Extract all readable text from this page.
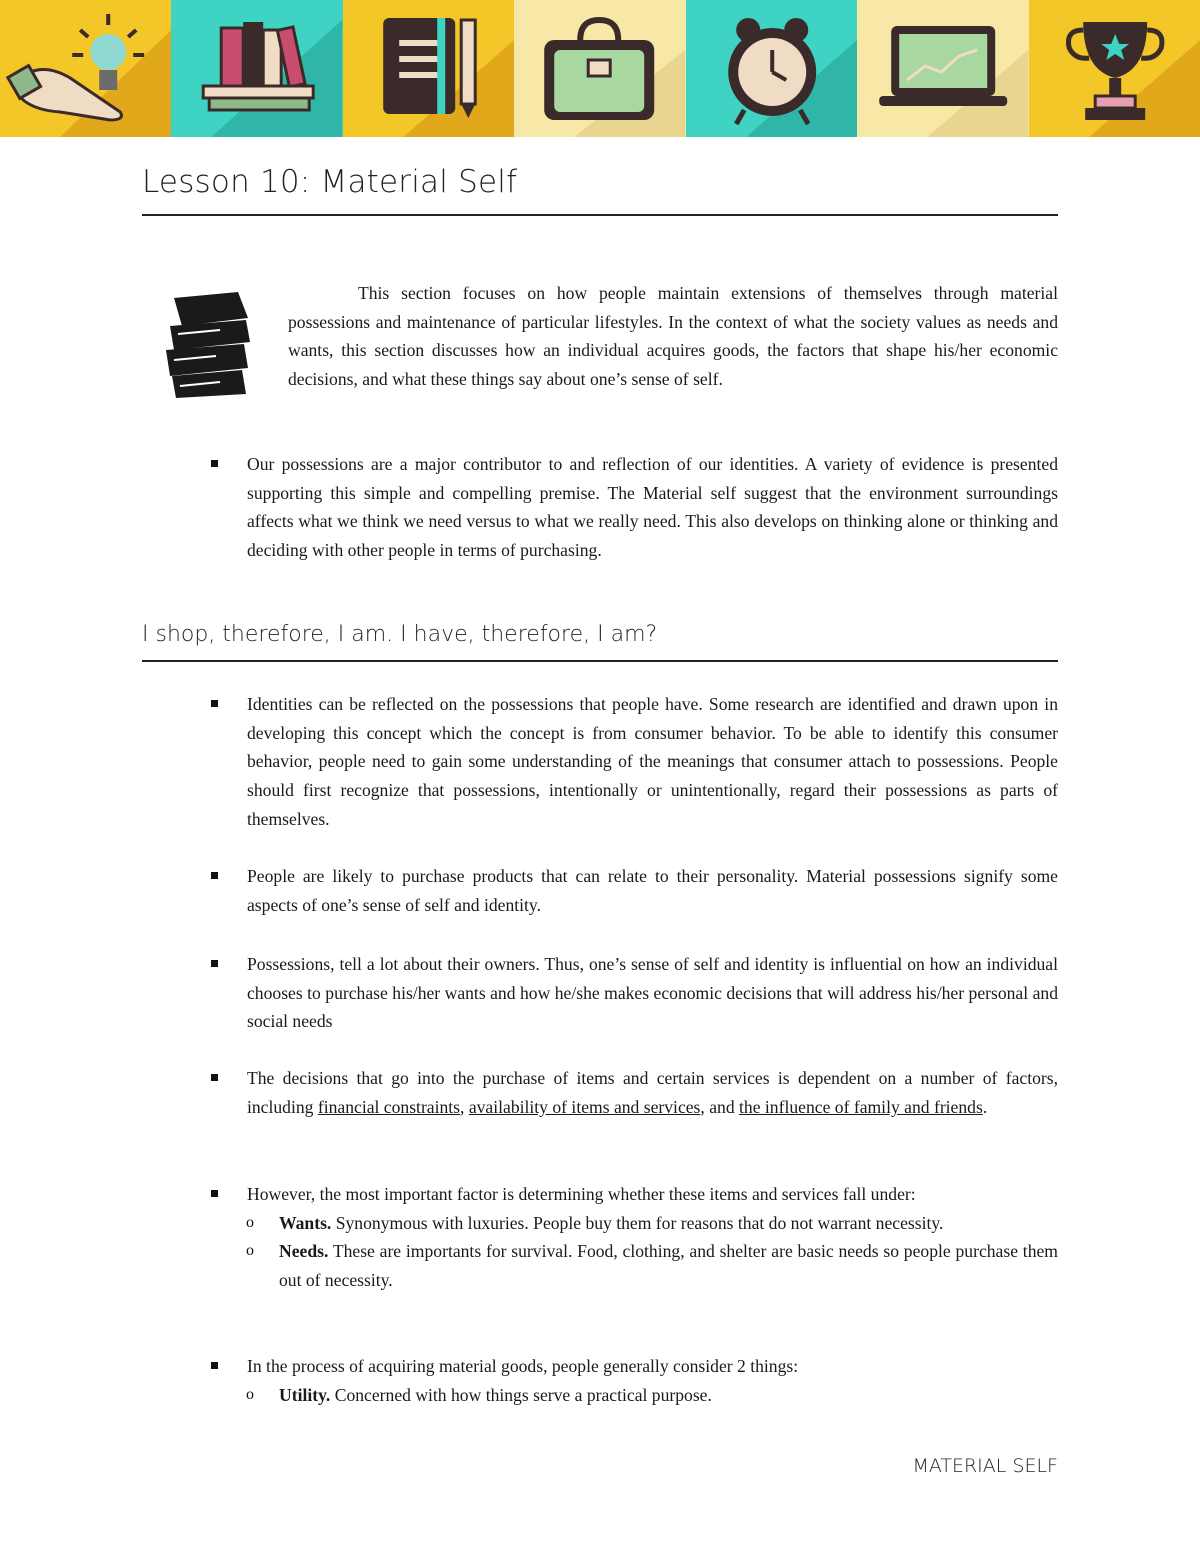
Lesson 10: Material Self

This section focuses on how people maintain extensions of themselves through material possessions and maintenance of particular lifestyles. In the context of what the society values as needs and wants, this section discusses how an individual acquires goods, the factors that shape his/her economic decisions, and what these things say about one’s sense of self.

Our possessions are a major contributor to and reflection of our identities. A variety of evidence is presented supporting this simple and compelling premise. The Material self suggest that the environment surroundings affects what we think we need versus to what we really need. This also develops on thinking alone or thinking and deciding with other people in terms of purchasing.

I shop, therefore, I am. I have, therefore, I am?

Identities can be reflected on the possessions that people have. Some research are identified and drawn upon in developing this concept which the concept is from consumer behavior. To be able to identify this consumer behavior, people need to gain some understanding of the meanings that consumer attach to possessions. People should first recognize that possessions, intentionally or unintentionally, regard their possessions as parts of themselves.

People are likely to purchase products that can relate to their personality. Material possessions signify some aspects of one’s sense of self and identity.

Possessions, tell a lot about their owners. Thus, one’s sense of self and identity is influential on how an individual chooses to purchase his/her wants and how he/she makes economic decisions that will address his/her personal and social needs

The decisions that go into the purchase of items and certain services is dependent on a number of factors, including financial constraints, availability of items and services, and the influence of family and friends.

However, the most important factor is determining whether these items and services fall under:

o Wants. Synonymous with luxuries. People buy them for reasons that do not warrant necessity.

o Needs. These are importants for survival. Food, clothing, and shelter are basic needs so people purchase them out of necessity.

In the process of acquiring material goods, people generally consider 2 things:

o Utility. Concerned with how things serve a practical purpose.

MATERIAL SELF
